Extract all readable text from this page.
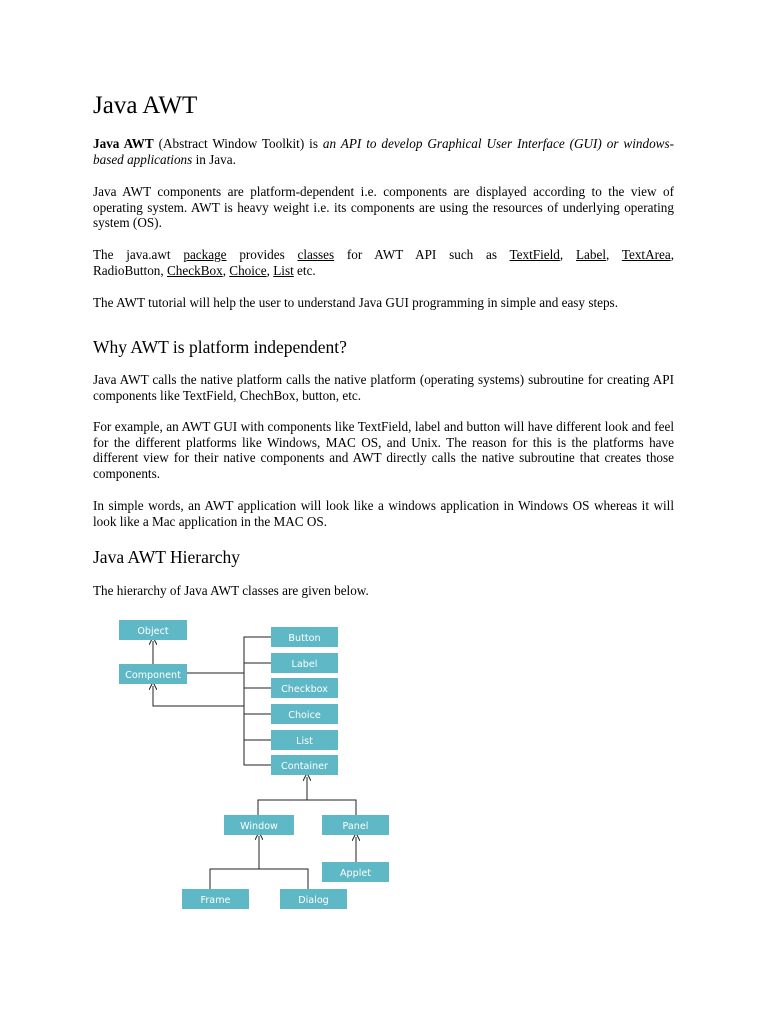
Java AWT

Java AWT (Abstract Window Toolkit) is an API to develop Graphical User Interface (GUI) or windows-based applications in Java.

Java AWT components are platform-dependent i.e. components are displayed according to the view of operating system. AWT is heavy weight i.e. its components are using the resources of underlying operating system (OS).

The java.awt package provides classes for AWT API such as TextField, Label, TextArea,
RadioButton, CheckBox, Choice, List etc.

The AWT tutorial will help the user to understand Java GUI programming in simple and easy steps.

Why AWT is platform independent?

Java AWT calls the native platform calls the native platform (operating systems) subroutine for creating API components like TextField, ChechBox, button, etc.

For example, an AWT GUI with components like TextField, label and button will have different look and feel for the different platforms like Windows, MAC OS, and Unix. The reason for this is the platforms have different view for their native components and AWT directly calls the native subroutine that creates those components.

In simple words, an AWT application will look like a windows application in Windows OS whereas it will look like a Mac application in the MAC OS.

Java AWT Hierarchy

The hierarchy of Java AWT classes are given below.

Object
Component
Button
Label
Checkbox
Choice
List
Container
Window	Panel
Applet
Frame	Dialog
